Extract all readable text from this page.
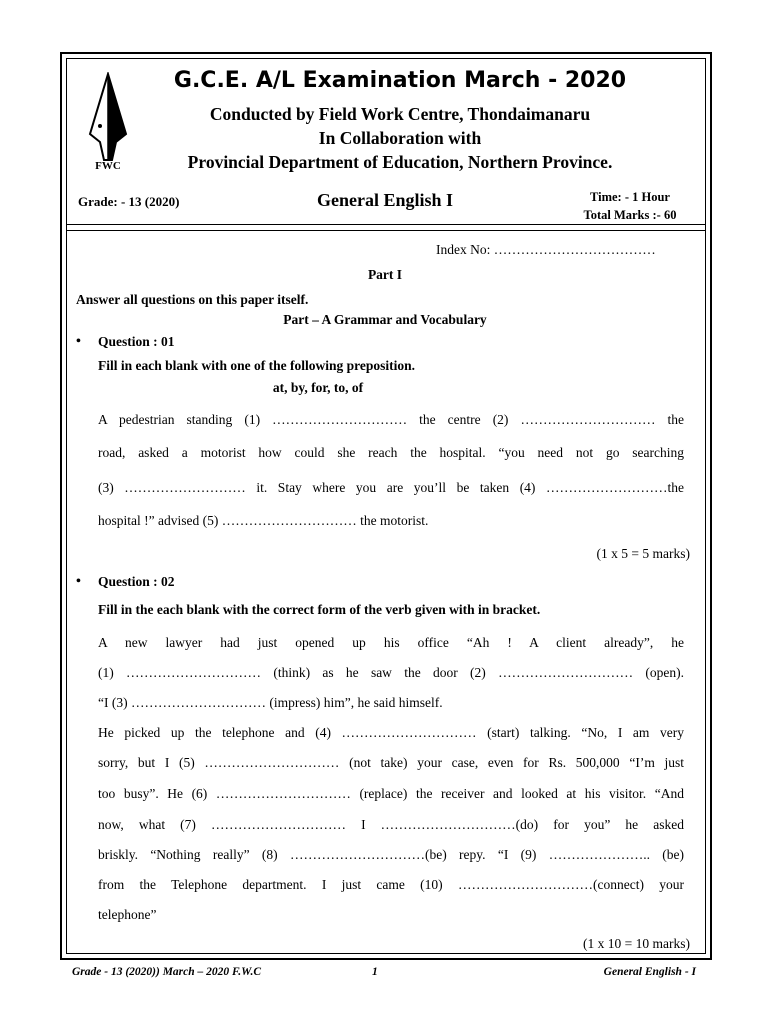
FWC
G.C.E. A/L Examination March - 2020
Conducted by Field Work Centre, Thondaimanaru
In Collaboration with
Provincial Department of Education, Northern Province.
Grade: - 13 (2020)	General English I	Time: - 1 Hour
Total Marks :- 60
Index No: ………………………………
Part I
Answer all questions on this paper itself.
Part – A Grammar and Vocabulary
• Question : 01
Fill in each blank with one of the following preposition.
at, by, for, to, of
A pedestrian standing (1) ………………………… the centre (2) ………………………… the
road, asked a motorist how could she reach the hospital. “you need not go searching
(3) ……………………… it. Stay where you are you’ll be taken (4) ………………………the
hospital !” advised (5) ………………………… the motorist.
(1 x 5 = 5 marks)
• Question : 02
Fill in the each blank with the correct form of the verb given with in bracket.
A new lawyer had just opened up his office “Ah ! A client already”, he
(1) ………………………… (think) as he saw the door (2) ………………………… (open).
“I (3) ………………………… (impress) him”, he said himself.
He picked up the telephone and (4) ………………………… (start) talking. “No, I am very
sorry, but I (5) ………………………… (not take) your case, even for Rs. 500,000 “I’m just
too busy”. He (6) ………………………… (replace) the receiver and looked at his visitor. “And
now, what (7) ………………………… I …………………………(do) for you” he asked
briskly. “Nothing really” (8) …………………………(be) repy. “I (9) ………………….. (be)
from the Telephone department. I just came (10) …………………………(connect) your
telephone”
(1 x 10 = 10 marks)
Grade - 13 (2020)) March – 2020 F.W.C	1	General English - I
